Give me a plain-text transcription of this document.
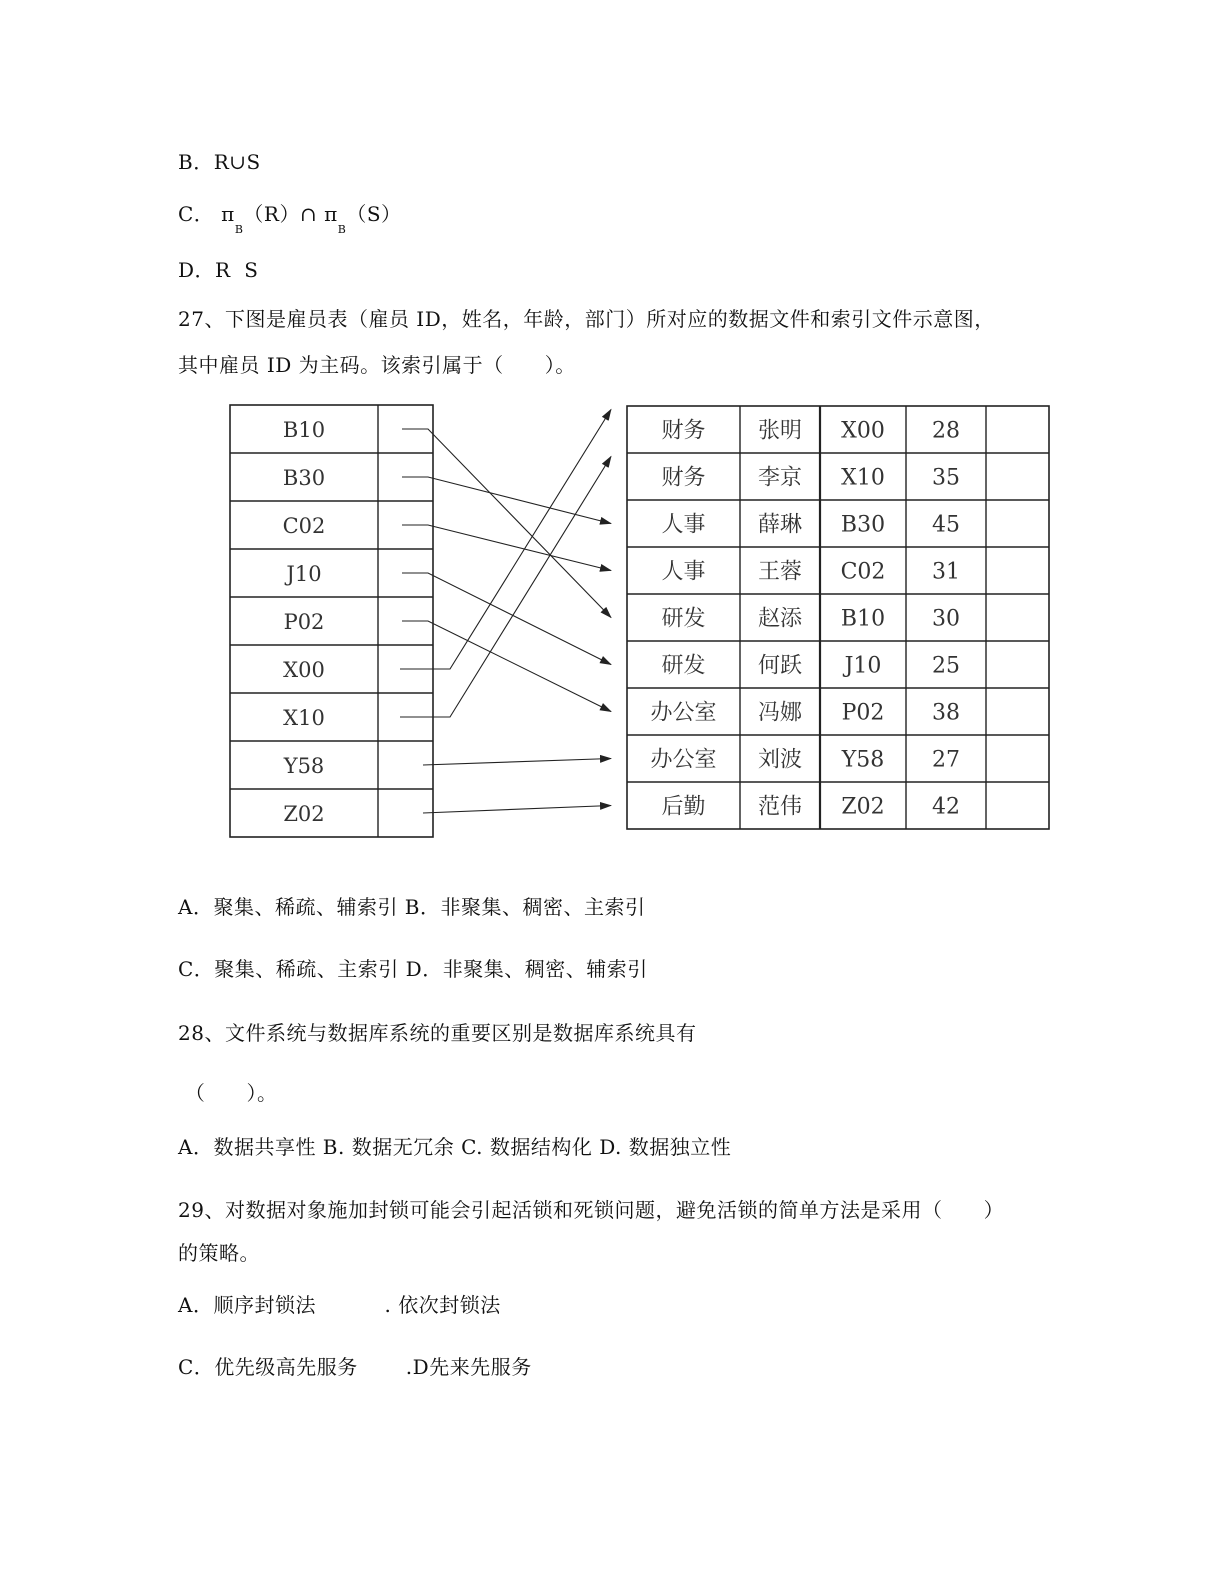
B．R∪S
C． $\pi_B(R)\cap$ $\pi_B(S)$
D．R  S
27、下图是雇员表（雇员 ID，姓名，年龄，部门）所对应的数据文件和索引文件示意图，
其中雇员 ID 为主码。该索引属于（      ）。
B10
B30
C02
J10
P02
X00
X10
Y58
Z02
财务 张明 X00 28
财务 李京 X10 35
人事 薛琳 B30 45
人事 王蓉 C02 31
研发 赵添 B10 30
研发 何跃 J10 25
办公室 冯娜 P02 38
办公室 刘波 Y58 27
后勤 范伟 Z02 42
A．聚集、稀疏、辅索引 B．非聚集、稠密、主索引
C．聚集、稀疏、主索引 D．非聚集、稠密、辅索引
28、文件系统与数据库系统的重要区别是数据库系统具有
（      ）。
A．数据共享性 B. 数据无冗余 C. 数据结构化 D. 数据独立性
29、对数据对象施加封锁可能会引起活锁和死锁问题，避免活锁的简单方法是采用（      ）
的策略。
A．顺序封锁法          . 依次封锁法
C．优先级高先服务       .D先来先服务
